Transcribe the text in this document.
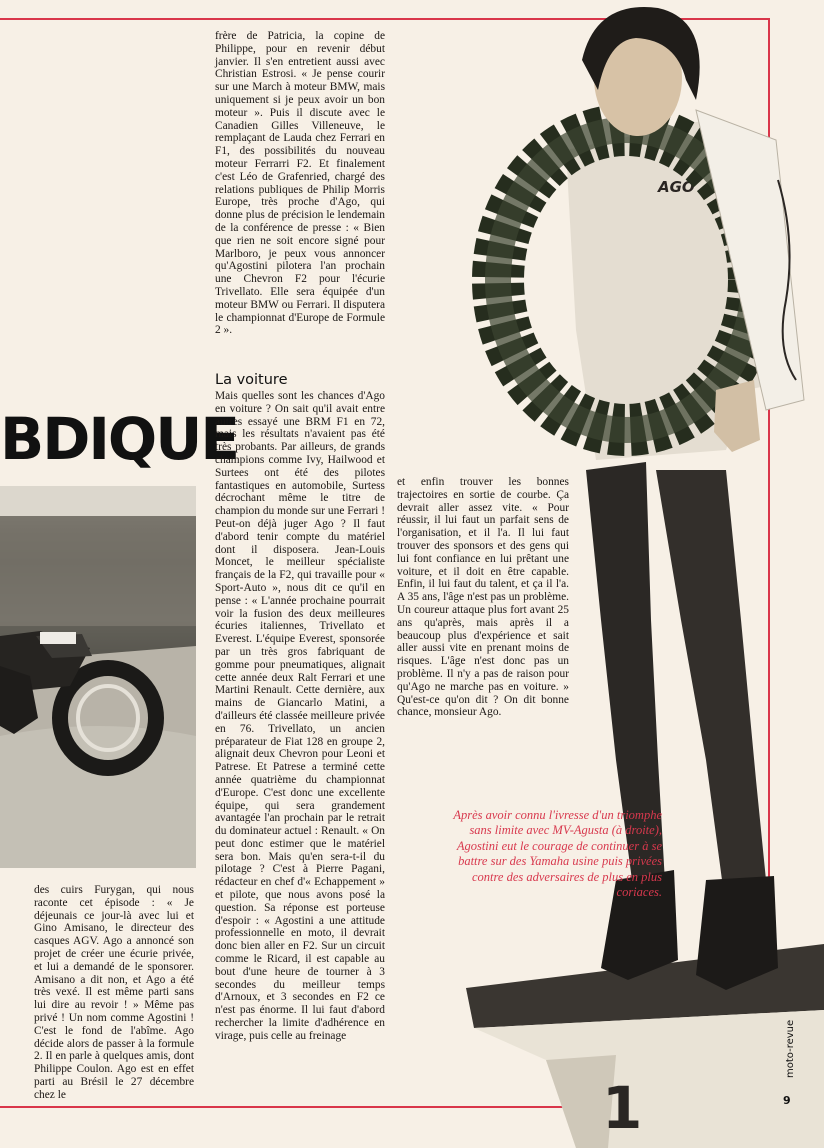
BDIQUE

des cuirs Furygan, qui nous raconte cet épisode : « Je déjeunais ce jour-là avec lui et Gino Amisano, le directeur des casques AGV. Ago a annoncé son projet de créer une écurie privée, et lui a demandé de le sponsorer. Amisano a dit non, et Ago a été très vexé. Il est même parti sans lui dire au revoir ! » Même pas privé ! Un nom comme Agostini ! C'est le fond de l'abîme. Ago décide alors de passer à la formule 2. Il en parle à quelques amis, dont Philippe Coulon. Ago est en effet parti au Brésil le 27 décembre chez le

frère de Patricia, la copine de Philippe, pour en revenir début janvier. Il s'en entretient aussi avec Christian Estrosi. « Je pense courir sur une March à moteur BMW, mais uniquement si je peux avoir un bon moteur ». Puis il discute avec le Canadien Gilles Villeneuve, le remplaçant de Lauda chez Ferrari en F1, des possibilités du nouveau moteur Ferrarri F2. Et finalement c'est Léo de Grafenried, chargé des relations publiques de Philip Morris Europe, très proche d'Ago, qui donne plus de précision le lendemain de la conférence de presse : « Bien que rien ne soit encore signé pour Marlboro, je peux vous annoncer qu'Agostini pilotera l'an prochain une Chevron F2 pour l'écurie Trivellato. Elle sera équipée d'un moteur BMW ou Ferrari. Il disputera le championnat d'Europe de Formule 2 ».

La voiture

Mais quelles sont les chances d'Ago en voiture ? On sait qu'il avait entre autres essayé une BRM F1 en 72, mais les résultats n'avaient pas été très probants. Par ailleurs, de grands champions comme Ivy, Hailwood et Surtees ont été des pilotes fantastiques en automobile, Surtess décrochant même le titre de champion du monde sur une Ferrari ! Peut-on déjà juger Ago ? Il faut d'abord tenir compte du matériel dont il disposera. Jean-Louis Moncet, le meilleur spécialiste français de la F2, qui travaille pour « Sport-Auto », nous dit ce qu'il en pense : « L'année prochaine pourrait voir la fusion des deux meilleures écuries italiennes, Trivellato et Everest. L'équipe Everest, sponsorée par un très gros fabriquant de gomme pour pneumatiques, alignait cette année deux Ralt Ferrari et une Martini Renault. Cette dernière, aux mains de Giancarlo Matini, a d'ailleurs été classée meilleure privée en 76. Trivellato, un ancien préparateur de Fiat 128 en groupe 2, alignait deux Chevron pour Leoni et Patrese. Et Patrese a terminé cette année quatrième du championnat d'Europe. C'est donc une excellente équipe, qui sera grandement avantagée l'an prochain par le retrait du dominateur actuel : Renault. « On peut donc estimer que le matériel sera bon. Mais qu'en sera-t-il du pilotage ? C'est à Pierre Pagani, rédacteur en chef d'« Echappement » et pilote, que nous avons posé la question. Sa réponse est porteuse d'espoir : « Agostini a une attitude professionnelle en moto, il devrait donc bien aller en F2. Sur un circuit comme le Ricard, il est capable au bout d'une heure de tourner à 3 secondes du meilleur temps d'Arnoux, et 3 secondes en F2 ce n'est pas énorme. Il lui faut d'abord rechercher la limite d'adhérence en virage, puis celle au freinage

1
AGO

et enfin trouver les bonnes trajectoires en sortie de courbe. Ça devrait aller assez vite. « Pour réussir, il lui faut un parfait sens de l'organisation, et il l'a. Il lui faut trouver des sponsors et des gens qui lui font confiance en lui prêtant une voiture, et il doit en être capable. Enfin, il lui faut du talent, et ça il l'a. A 35 ans, l'âge n'est pas un problème. Un coureur attaque plus fort avant 25 ans qu'après, mais après il a beaucoup plus d'expérience et sait aller aussi vite en prenant moins de risques. L'âge n'est donc pas un problème. Il n'y a pas de raison pour qu'Ago ne marche pas en voiture. » Qu'est-ce qu'on dit ? On dit bonne chance, monsieur Ago.

Après avoir connu l'ivresse d'un triomphe sans limite avec MV-Agusta (à droite), Agostini eut le courage de continuer à se battre sur des Yamaha usine puis privées contre des adversaires de plus en plus coriaces.
9
